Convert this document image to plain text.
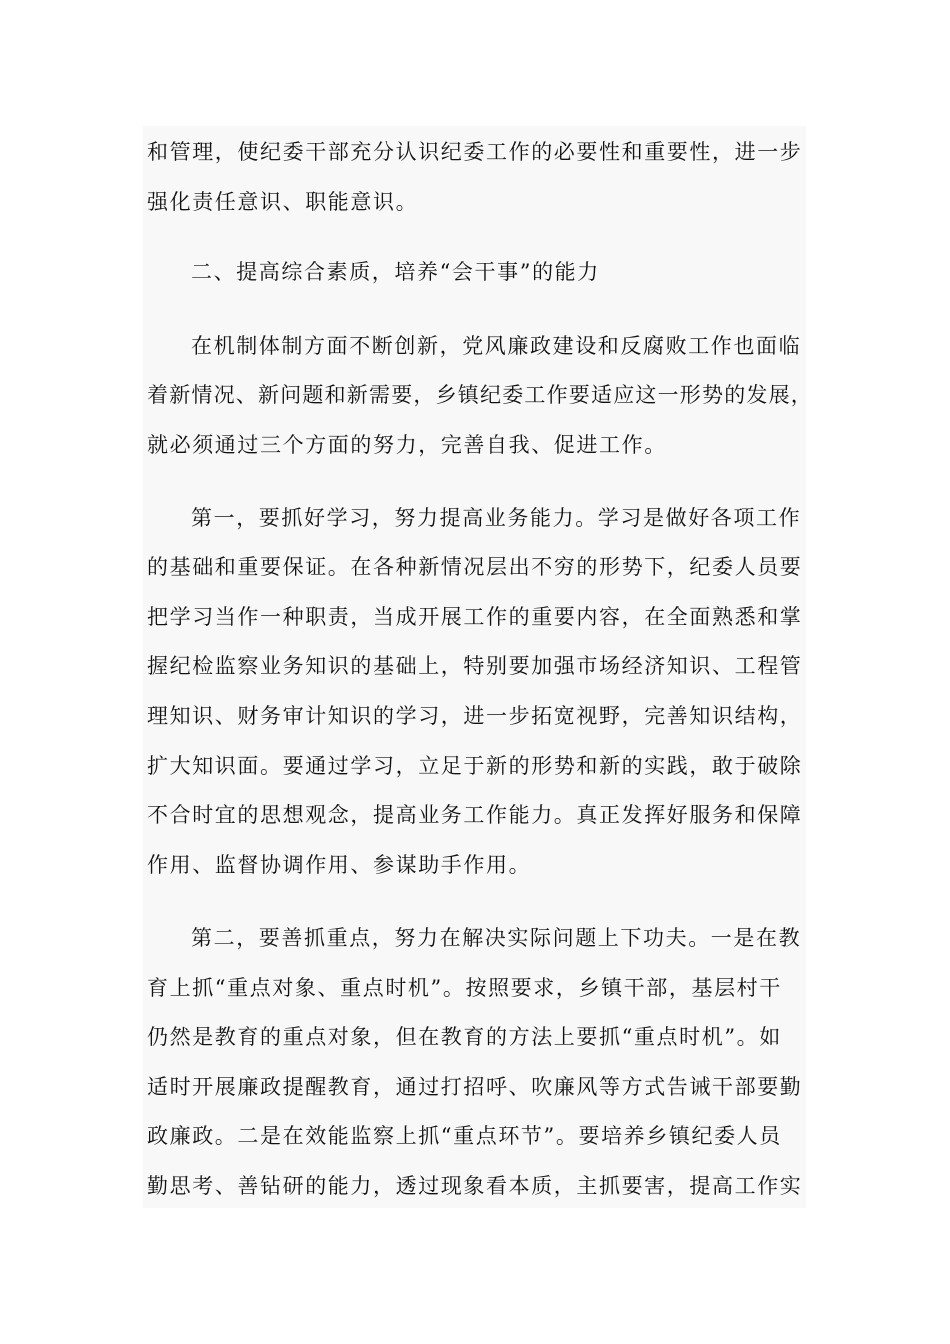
和管理，使纪委干部充分认识纪委工作的必要性和重要性，进一步

强化责任意识、职能意识。

二、提高综合素质，培养“会干事”的能力

在机制体制方面不断创新，党风廉政建设和反腐败工作也面临

着新情况、新问题和新需要，乡镇纪委工作要适应这一形势的发展，

就必须通过三个方面的努力，完善自我、促进工作。

第一，要抓好学习，努力提高业务能力。学习是做好各项工作

的基础和重要保证。在各种新情况层出不穷的形势下，纪委人员要

把学习当作一种职责，当成开展工作的重要内容，在全面熟悉和掌

握纪检监察业务知识的基础上，特别要加强市场经济知识、工程管

理知识、财务审计知识的学习，进一步拓宽视野，完善知识结构，

扩大知识面。要通过学习，立足于新的形势和新的实践，敢于破除

不合时宜的思想观念，提高业务工作能力。真正发挥好服务和保障

作用、监督协调作用、参谋助手作用。

第二，要善抓重点，努力在解决实际问题上下功夫。一是在教

育上抓“重点对象、重点时机”。按照要求，乡镇干部，基层村干

仍然是教育的重点对象，但在教育的方法上要抓“重点时机”。如

适时开展廉政提醒教育，通过打招呼、吹廉风等方式告诫干部要勤

政廉政。二是在效能监察上抓“重点环节”。要培养乡镇纪委人员

勤思考、善钻研的能力，透过现象看本质，主抓要害，提高工作实
